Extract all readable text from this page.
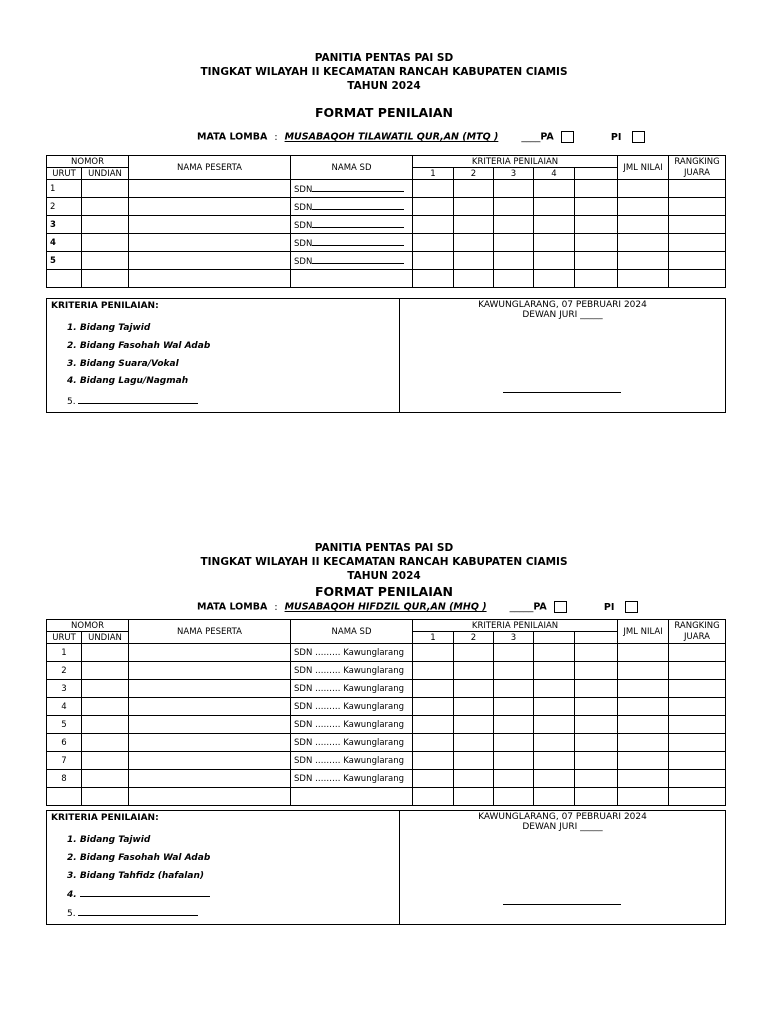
PANITIA PENTAS PAI SD
TINGKAT WILAYAH II KECAMATAN RANCAH KABUPATEN CIAMIS
TAHUN 2024
FORMAT PENILAIAN
MATA LOMBA : MUSABAQOH TILAWATIL QUR,AN (MTQ ) ____PA	PI
NOMOR		NAMA PESERTA	NAMA SD	KRITERIA PENILAIAN					JML NILAI	RANGKING
JUARA
URUT	UNDIAN			1	2	3	4			
1			SDN							
2			SDN							
3			SDN							
4			SDN							
5			SDN							

KRITERIA PENILAIAN:
1. Bidang Tajwid
2. Bidang Fasohah Wal Adab
3. Bidang Suara/Vokal
4. Bidang Lagu/Nagmah
5.
KAWUNGLARANG, 07 PEBRUARI 2024
DEWAN JURI _____
PANITIA PENTAS PAI SD
TINGKAT WILAYAH II KECAMATAN RANCAH KABUPATEN CIAMIS
TAHUN 2024
FORMAT PENILAIAN
MATA LOMBA : MUSABAQOH HIFDZIL QUR,AN (MHQ ) _____PA	PI
NOMOR		NAMA PESERTA	NAMA SD	KRITERIA PENILAIAN					JML NILAI	RANGKING
JUARA
URUT	UNDIAN			1	2	3				
1			SDN ……… Kawunglarang							
2			SDN ……… Kawunglarang							
3			SDN ……… Kawunglarang							
4			SDN ……… Kawunglarang							
5			SDN ……… Kawunglarang							
6			SDN ……… Kawunglarang							
7			SDN ……… Kawunglarang							
8			SDN ……… Kawunglarang							

KRITERIA PENILAIAN:
1. Bidang Tajwid
2. Bidang Fasohah Wal Adab
3. Bidang Tahfidz (hafalan)
4.
5.
KAWUNGLARANG, 07 PEBRUARI 2024
DEWAN JURI _____
